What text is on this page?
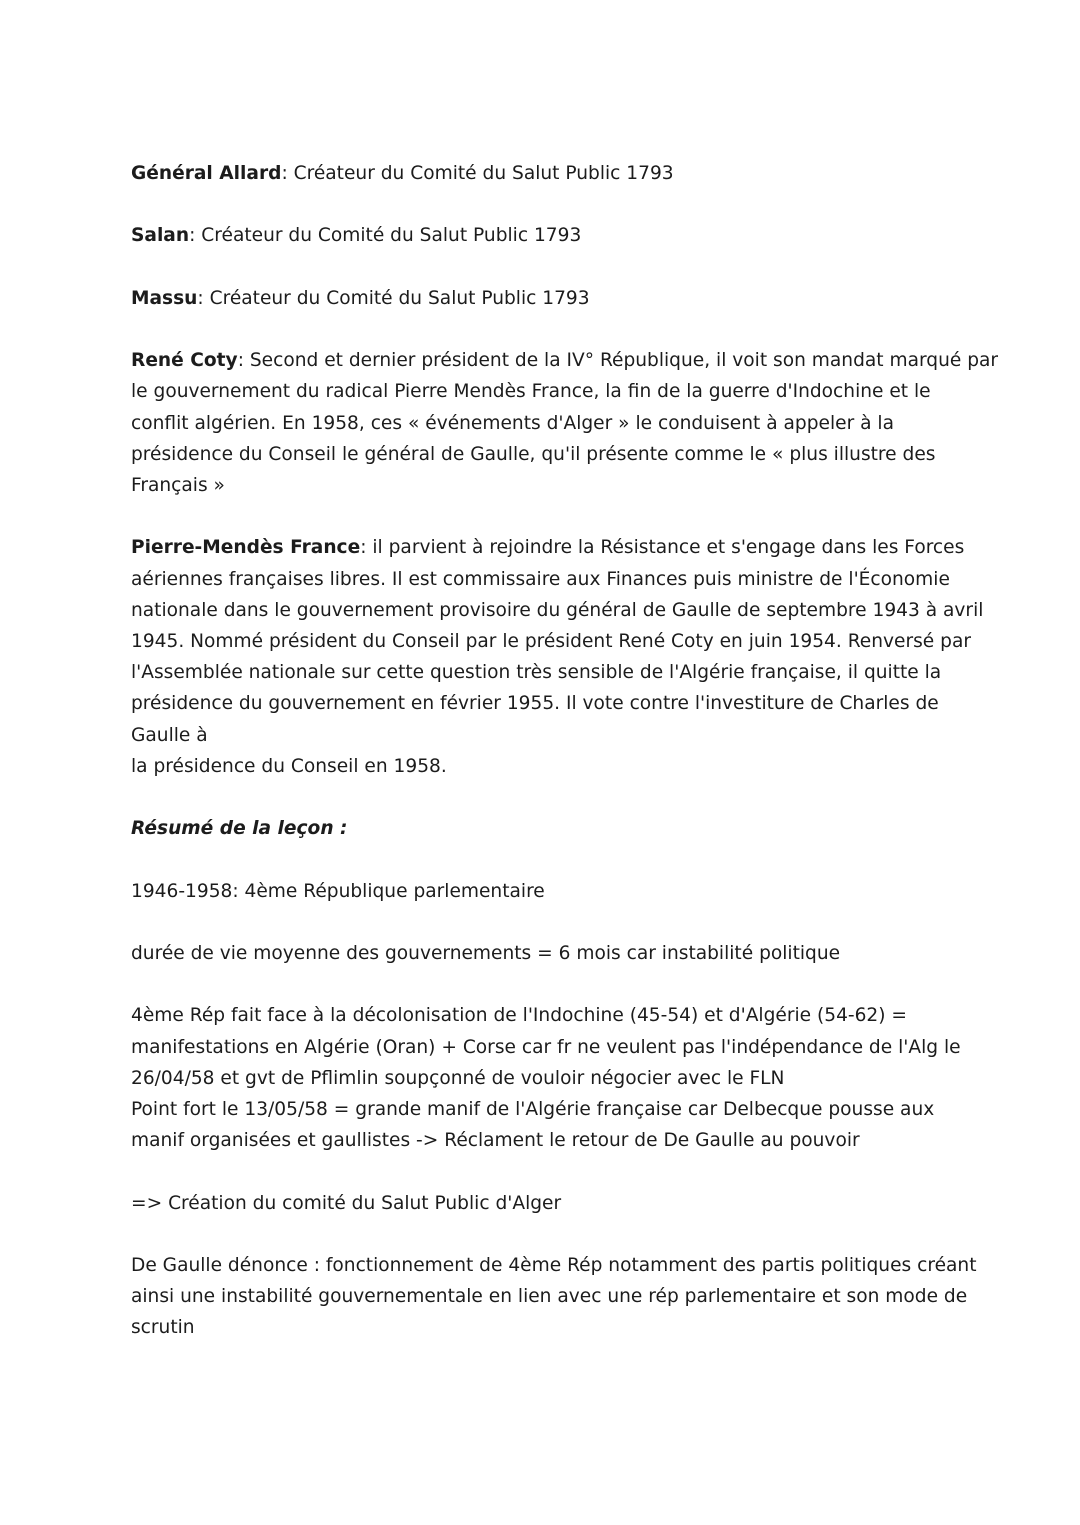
Général Allard: Créateur du Comité du Salut Public 1793

Salan: Créateur du Comité du Salut Public 1793

Massu: Créateur du Comité du Salut Public 1793

René Coty: Second et dernier président de la IV° République, il voit son mandat marqué par
le gouvernement du radical Pierre Mendès France, la fin de la guerre d'Indochine et le
conflit algérien. En 1958, ces « événements d'Alger » le conduisent à appeler à la
présidence du Conseil le général de Gaulle, qu'il présente comme le « plus illustre des
Français »

Pierre-Mendès France: il parvient à rejoindre la Résistance et s'engage dans les Forces
aériennes françaises libres. Il est commissaire aux Finances puis ministre de l'Économie
nationale dans le gouvernement provisoire du général de Gaulle de septembre 1943 à avril
1945. Nommé président du Conseil par le président René Coty en juin 1954. Renversé par
l'Assemblée nationale sur cette question très sensible de l'Algérie française, il quitte la
présidence du gouvernement en février 1955. Il vote contre l'investiture de Charles de
Gaulle à
la présidence du Conseil en 1958.

Résumé de la leçon :

1946-1958: 4ème République parlementaire

durée de vie moyenne des gouvernements = 6 mois car instabilité politique

4ème Rép fait face à la décolonisation de l'Indochine (45-54) et d'Algérie (54-62) =
manifestations en Algérie (Oran) + Corse car fr ne veulent pas l'indépendance de l'Alg le
26/04/58 et gvt de Pflimlin soupçonné de vouloir négocier avec le FLN
Point fort le 13/05/58 = grande manif de l'Algérie française car Delbecque pousse aux
manif organisées et gaullistes -> Réclament le retour de De Gaulle au pouvoir

=> Création du comité du Salut Public d'Alger

De Gaulle dénonce : fonctionnement de 4ème Rép notamment des partis politiques créant
ainsi une instabilité gouvernementale en lien avec une rép parlementaire et son mode de
scrutin
